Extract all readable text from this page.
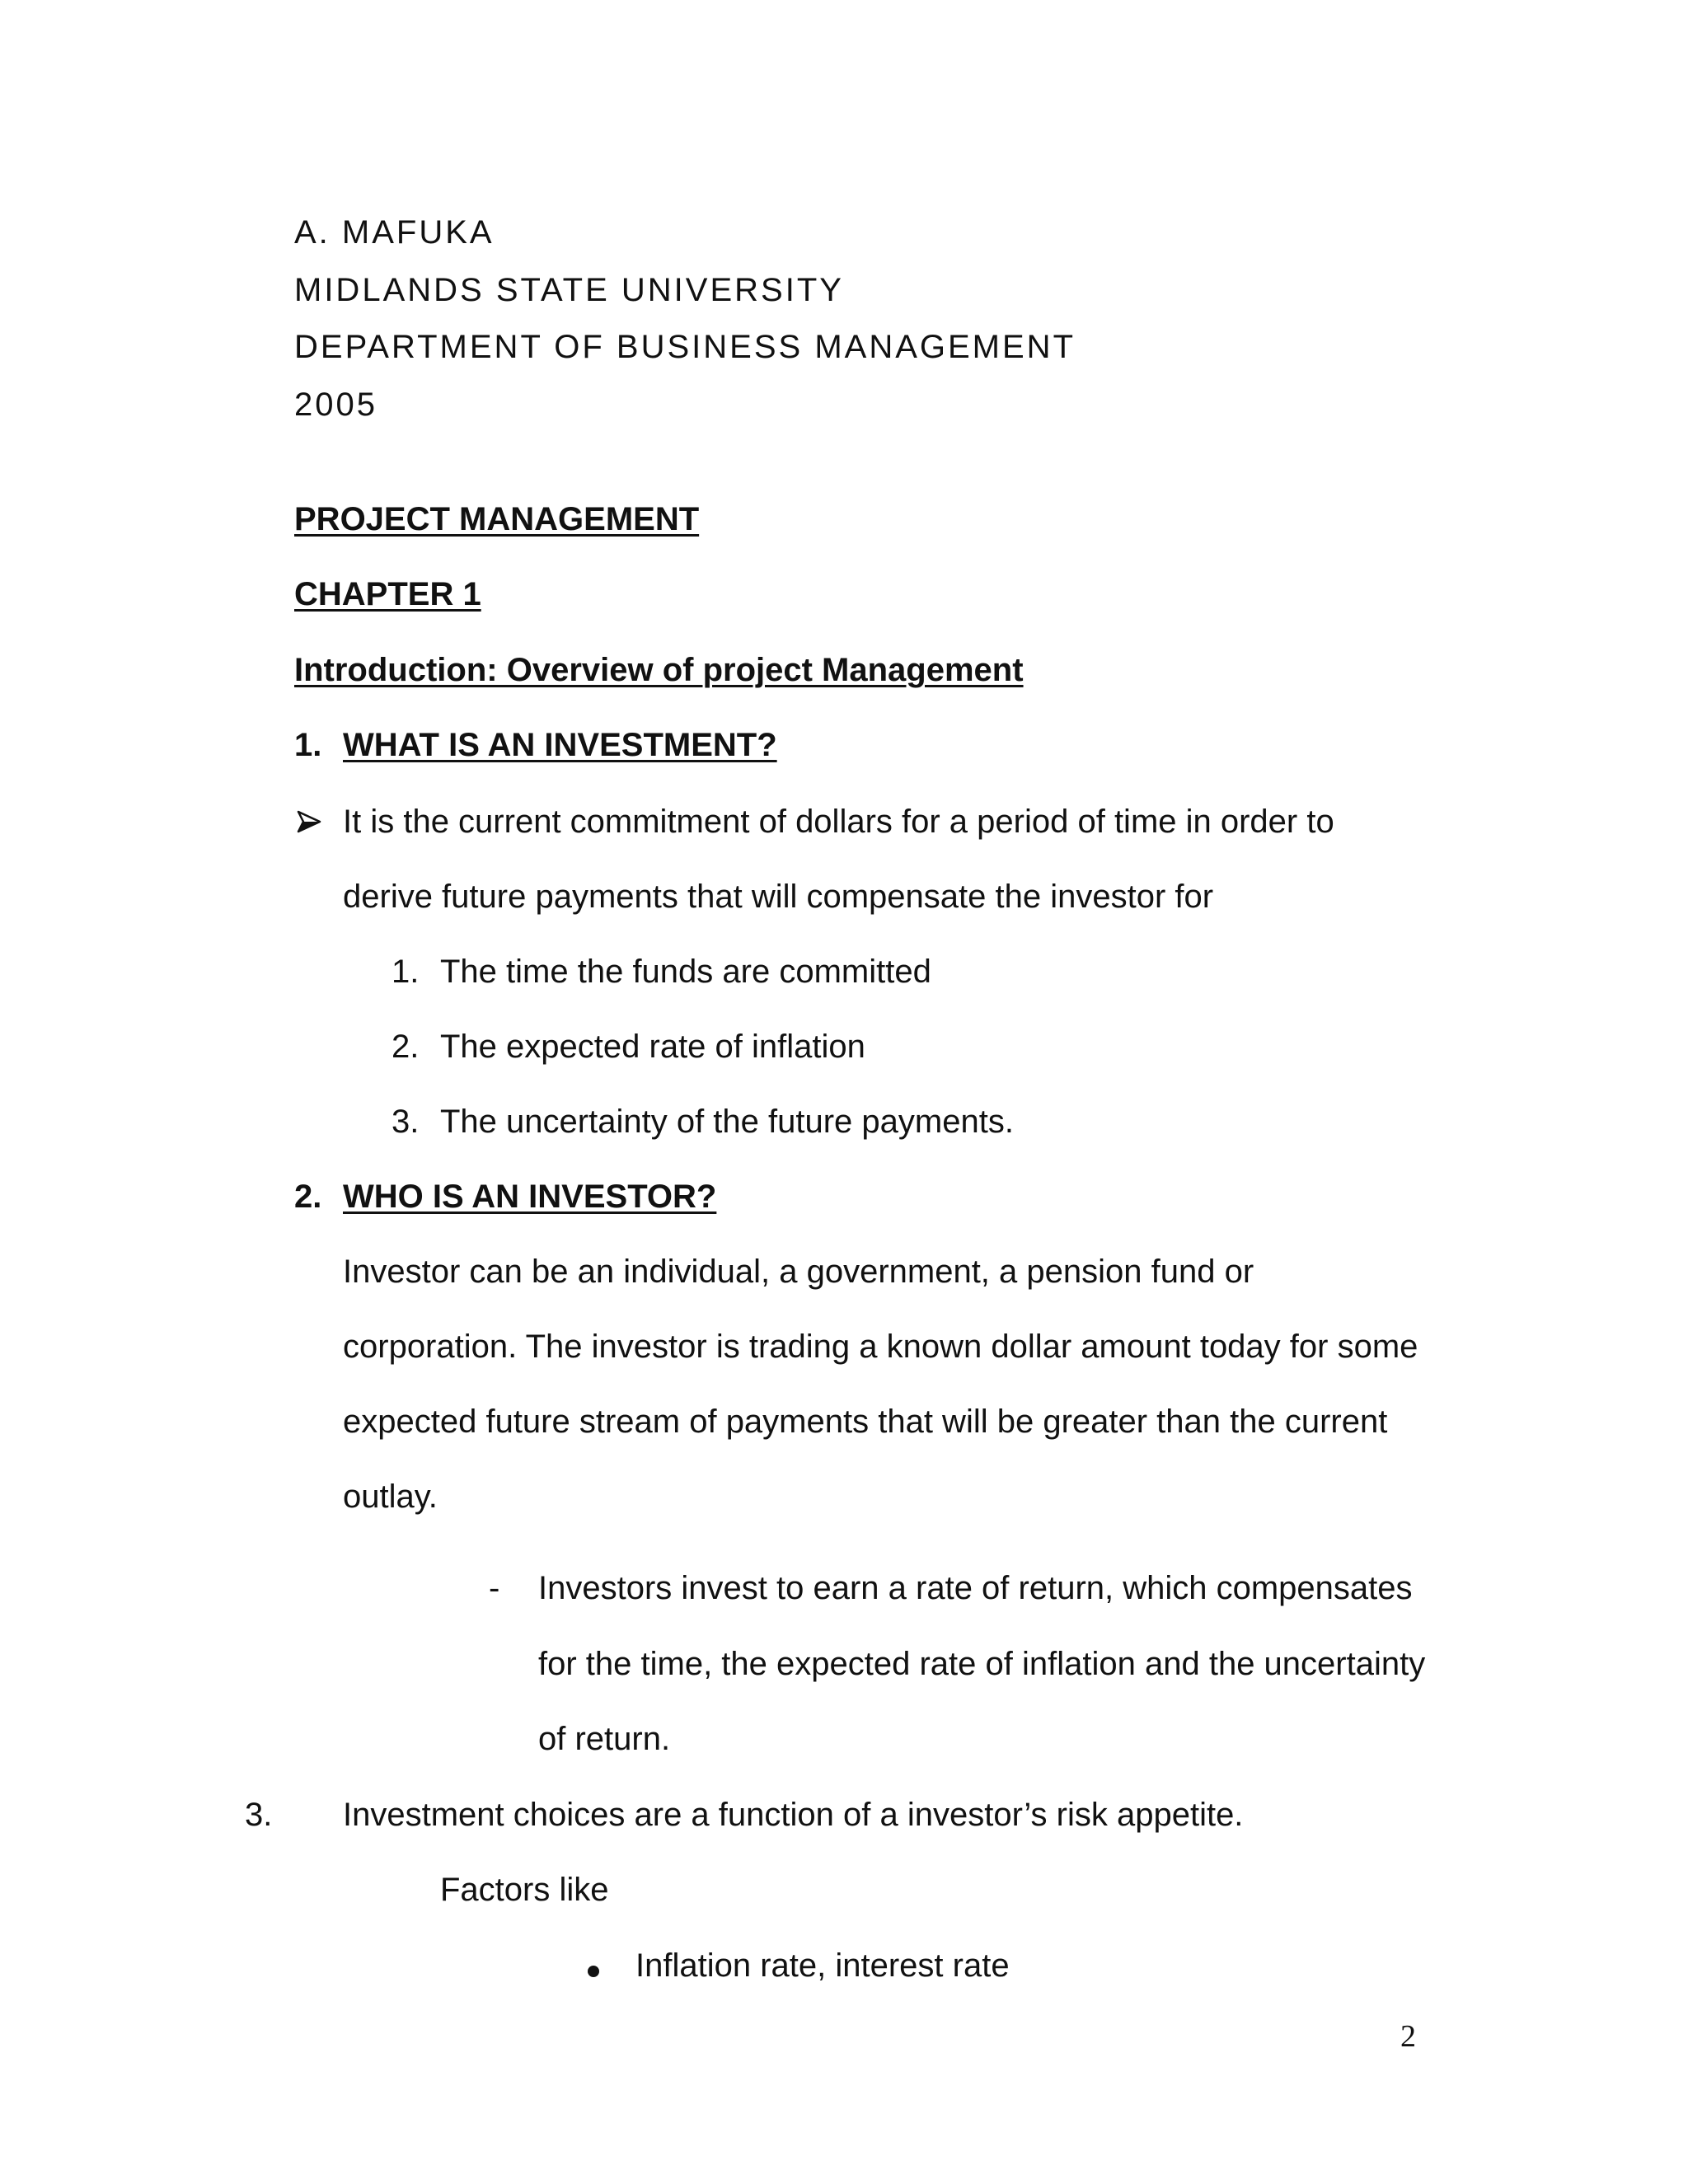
A. MAFUKA
MIDLANDS STATE UNIVERSITY
DEPARTMENT OF BUSINESS MANAGEMENT
2005
PROJECT MANAGEMENT
CHAPTER 1
Introduction: Overview of project Management
1. WHAT IS AN INVESTMENT?
It is the current commitment of dollars for a period of time in order to
derive future payments that will compensate the investor for
1. The time the funds are committed
2. The expected rate of inflation
3. The uncertainty of the future payments.
2. WHO IS AN INVESTOR?
Investor can be an individual, a government, a pension fund or
corporation. The investor is trading a known dollar amount today for some
expected future stream of payments that will be greater than the current
outlay.
- Investors invest to earn a rate of return, which compensates
for the time, the expected rate of inflation and the uncertainty
of return.
3. Investment choices are a function of a investor’s risk appetite.
Factors like
Inflation rate, interest rate
2
